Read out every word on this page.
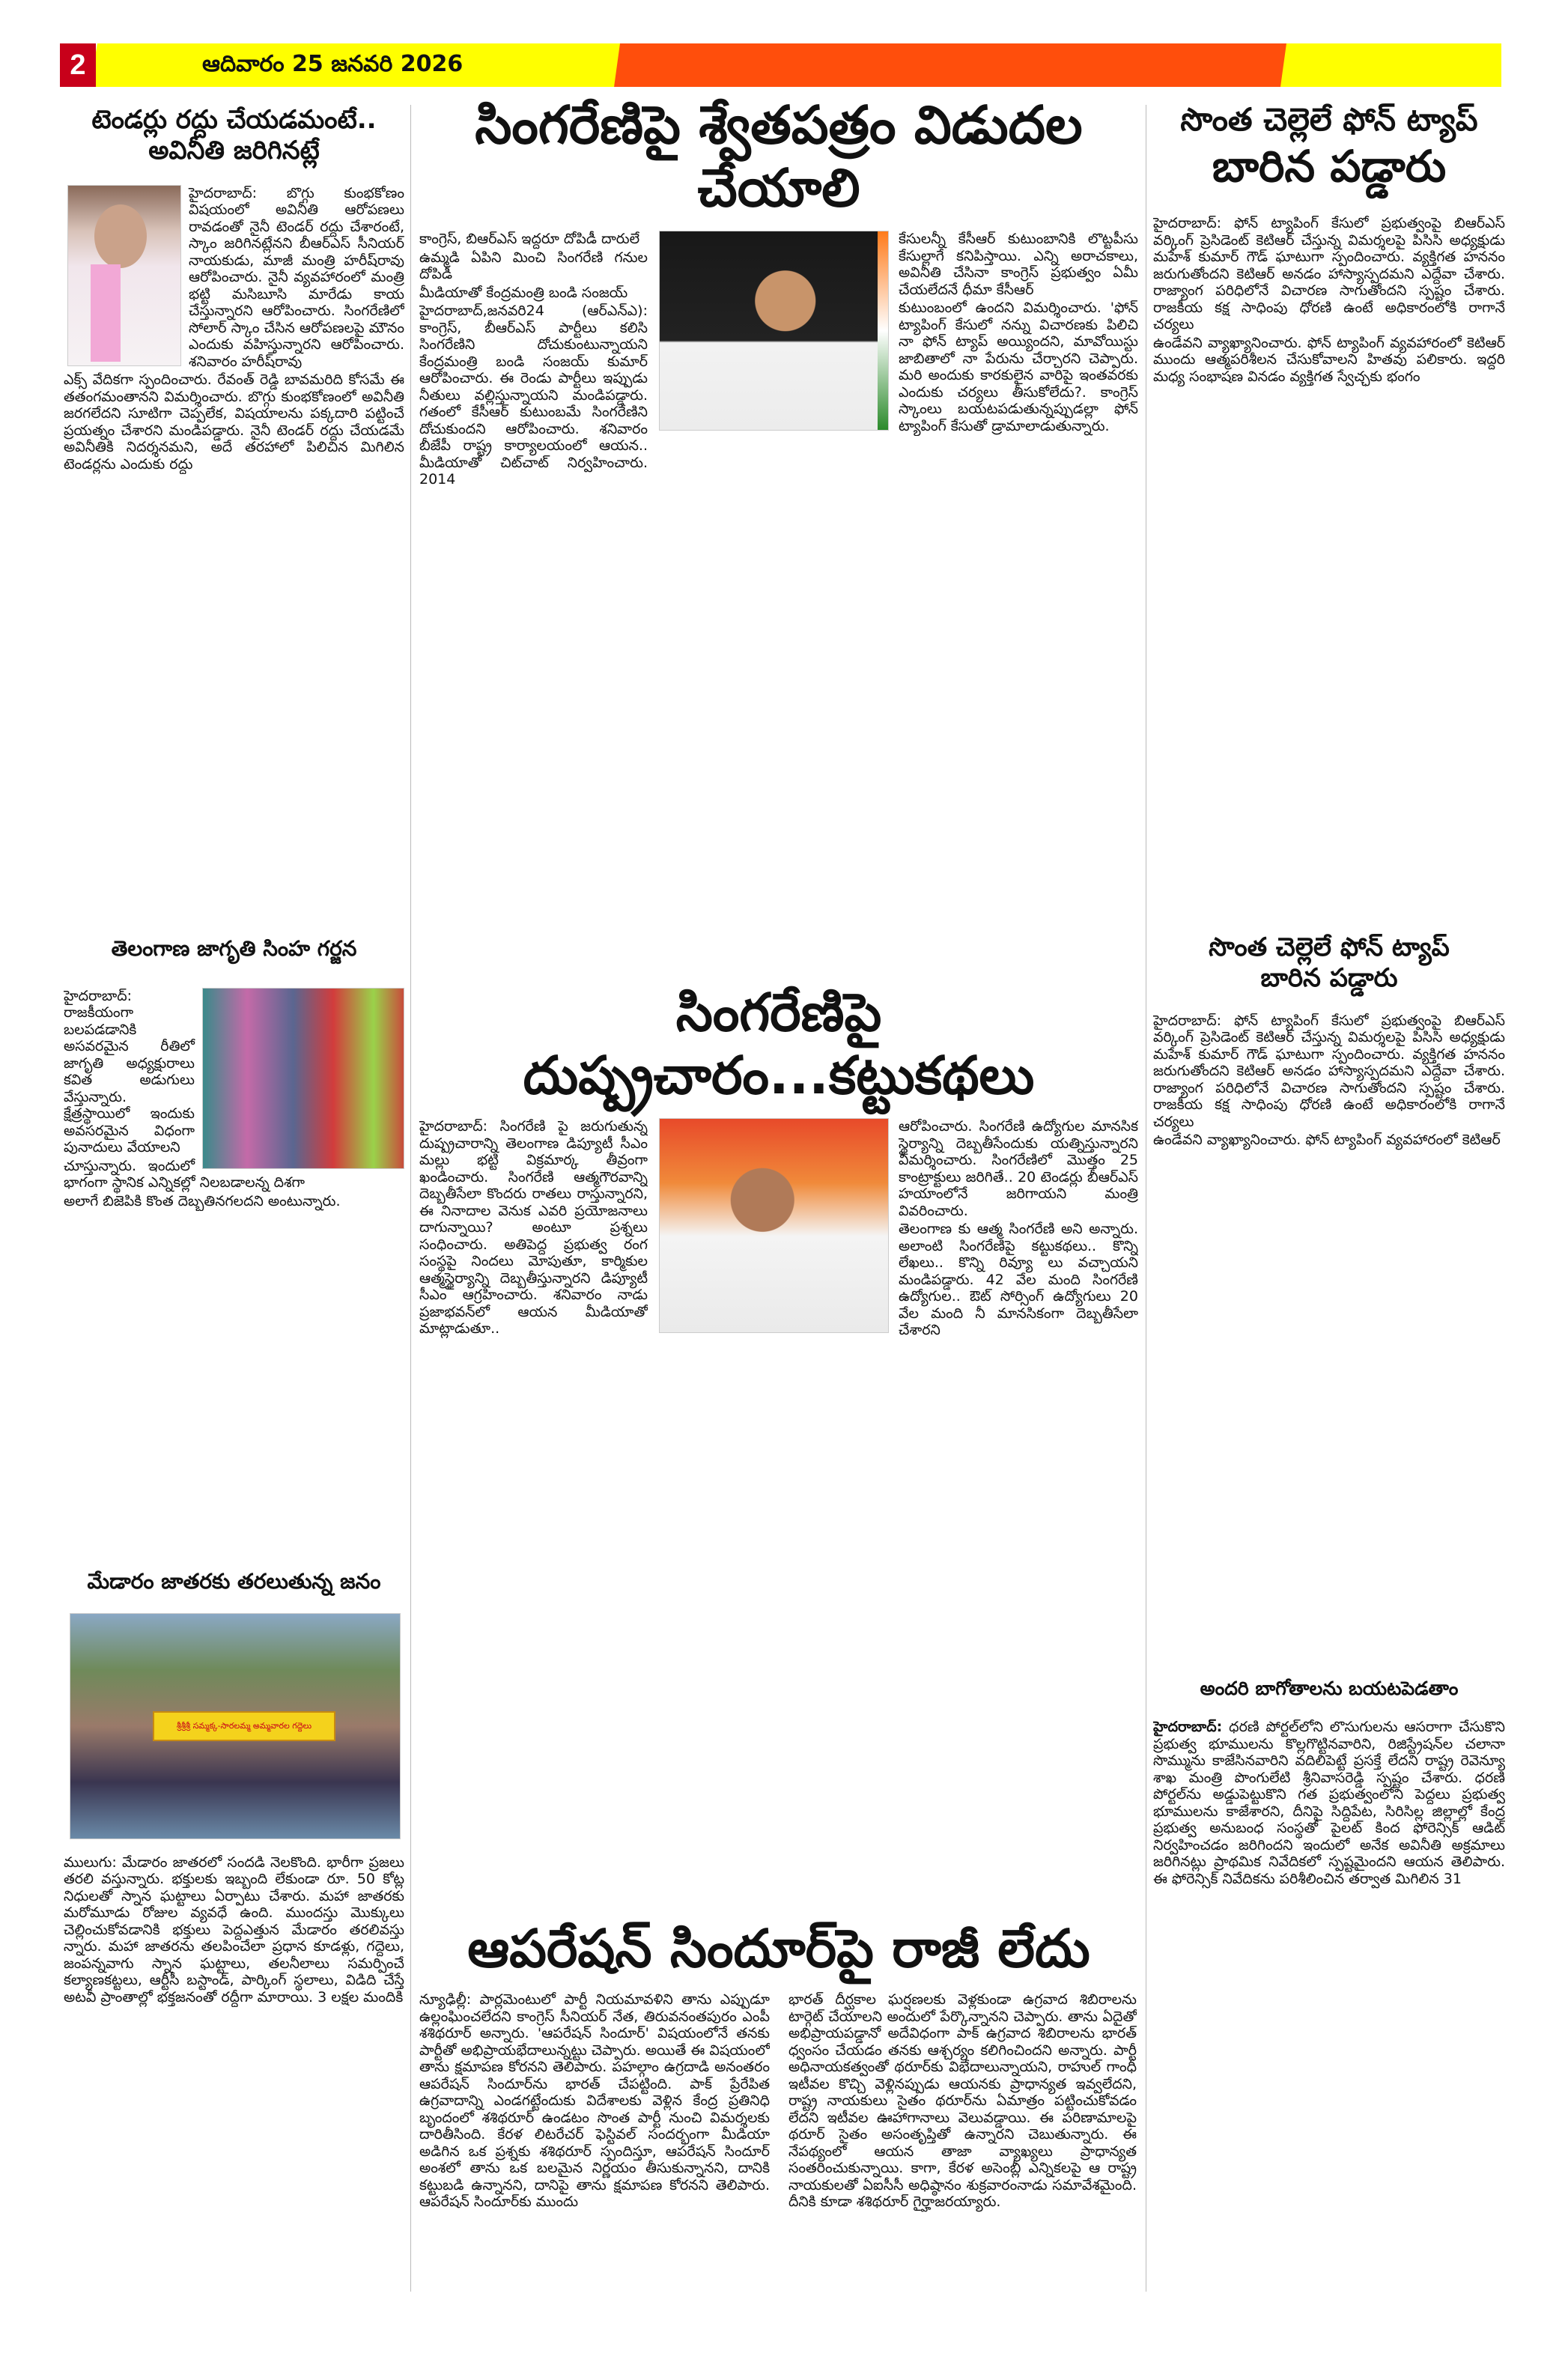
2	ఆదివారం 25 జనవరి 2026
టెండర్లు రద్దు చేయడమంటే..
అవినీతి జరిగినట్లే

హైదరాబాద్: బొగ్గు కుంభకోణం విషయంలో అవినీతి ఆరోపణలు రావడంతో నైనీ టెండర్ రద్దు చేశారంటే, స్కాం జరిగినట్లేనని బీఆర్ఎస్ సీనియర్ నాయకుడు, మాజీ మంత్రి హరీష్‌రావు ఆరోపించారు. నైనీ వ్యవహారంలో మంత్రి భట్టి మసిబూసి మారేడు కాయ చేస్తున్నారని ఆరోపించారు. సింగరేణిలో సోలార్ స్కాం చేసిన ఆరోపణలపై మౌనం ఎందుకు వహిస్తున్నారని ఆరోపించారు. శనివారం హరీష్‌రావు

ఎక్స్ వేదికగా స్పందించారు. రేవంత్ రెడ్డి బావమరిది కోసమే ఈ తతంగమంతానని విమర్శించారు. బొగ్గు కుంభకోణంలో అవినీతి జరగలేదని సూటిగా చెప్పలేక, విషయాలను పక్కదారి పట్టించే ప్రయత్నం చేశారని మండిపడ్డారు. నైనీ టెండర్ రద్దు చేయడమే అవినీతికి నిదర్శనమని, అదే తరహాలో పిలిచిన మిగిలిన టెండర్లను ఎందుకు రద్దు

తెలంగాణ జాగృతి సింహ గర్జన

హైదరాబాద్: రాజకీయంగా బలపడడానికి అసవరమైన రీతిలో జాగృతి అధ్యక్షురాలు కవిత అడుగులు వేస్తున్నారు. క్షేత్రస్థాయిలో ఇందుకు అవసరమైన విధంగా పునాదులు వేయాలని

చూస్తున్నారు. ఇందులో భాగంగా స్థానిక ఎన్నికల్లో నిలబడాలన్న దిశగా

అలాగే బిజెపికి కొంత దెబ్బతినగలదని అంటున్నారు.

మేడారం జాతరకు తరలుతున్న జనం
శ్రీశ్రీశ్రీ సమ్మక్క-సారలమ్మ అమ్మవారల గద్దెలు

ములుగు: మేడారం జాతరలో సందడి నెలకొంది. భారీగా ప్రజలు తరలి వస్తున్నారు. భక్తులకు ఇబ్బంది లేకుండా రూ. 50 కోట్ల నిధులతో స్నాన ఘట్టాలు ఏర్పాటు చేశారు. మహా జాతరకు మరోమూడు రోజుల వ్యవధే ఉంది. ముందస్తు మొక్కులు చెల్లించుకోవడానికి భక్తులు పెద్దఎత్తున మేడారం తరలివస్తు న్నారు. మహా జాతరను తలపించేలా ప్రధాన కూడళ్లు, గద్దెలు, జంపన్నవాగు స్నాన ఘట్టాలు, తలనీలాలు సమర్పించే కల్యాణకట్టలు, ఆర్టీసీ బస్టాండ్, పార్కింగ్ స్థలాలు, విడిది చేస్తే అటవీ ప్రాంతాల్లో భక్తజనంతో రద్దీగా మారాయి. 3 లక్షల మందికి

సింగరేణిపై శ్వేతపత్రం విడుదల చేయాలి

కాంగ్రెస్, బిఆర్ఎస్ ఇద్దరూ దోపిడీ దారులే

ఉమ్మడి ఏపిని మించి సింగరేణి గనుల దోపిడీ

మీడియాతో కేంద్రమంత్రి బండి సంజయ్

హైదరాబాద్,జనవరి24 (ఆర్ఎన్ఎ): కాంగ్రెస్, బీఆర్ఎస్ పార్టీలు కలిసి సింగరేణిని దోచుకుంటున్నాయని కేంద్రమంత్రి బండి సంజయ్ కుమార్ ఆరోపించారు. ఈ రెండు పార్టీలు ఇప్పుడు నీతులు వల్లిస్తున్నాయని మండిపడ్డారు. గతంలో కేసీఆర్ కుటుంబమే సింగరేణిని దోచుకుందని ఆరోపించారు. శనివారం బీజేపీ రాష్ట్ర కార్యాలయంలో ఆయన.. మీడియాతో చిట్‌చాట్ నిర్వహించారు. 2014

కేసులన్నీ కేసీఆర్ కుటుంబానికి లొట్టపీసు కేసుల్లాగే కనిపిస్తాయి. ఎన్ని అరాచకాలు, అవినీతి చేసినా కాంగ్రెస్ ప్రభుత్వం ఏమీ చేయలేదనే ధీమా కేసీఆర్

కుటుంబంలో ఉందని విమర్శించారు. 'ఫోన్ ట్యాపింగ్ కేసులో నన్ను విచారణకు పిలిచి నా ఫోన్ ట్యాప్ అయ్యిందని, మావోయిస్టు జాబితాలో నా పేరును చేర్చారని చెప్పారు. మరి అందుకు కారకులైన వారిపై ఇంతవరకు ఎందుకు చర్యలు తీసుకోలేదు?. కాంగ్రెస్ స్కాంలు బయటపడుతున్నప్పుడల్లా ఫోన్ ట్యాపింగ్ కేసుతో డ్రామాలాడుతున్నారు.

సింగరేణిపై దుష్ప్రచారం...కట్టుకథలు

హైదరాబాద్: సింగరేణి పై జరుగుతున్న దుష్ప్రచారాన్ని తెలంగాణ డిప్యూటీ సీఎం మల్లు భట్టి విక్రమార్క తీవ్రంగా ఖండించారు. సింగరేణి ఆత్మగౌరవాన్ని దెబ్బతీసేలా కొందరు రాతలు రాస్తున్నారని, ఈ నినాదాల వెనుక ఎవరి ప్రయోజనాలు దాగున్నాయి? అంటూ ప్రశ్నలు సంధించారు. అతిపెద్ద ప్రభుత్వ రంగ సంస్థపై నిందలు మోపుతూ, కార్మికుల ఆత్మస్థైర్యాన్ని దెబ్బతీస్తున్నారని డిప్యూటీ సీఎం ఆగ్రహించారు. శనివారం నాడు ప్రజాభవన్‌లో ఆయన మీడియాతో మాట్లాడుతూ..

ఆరోపించారు. సింగరేణి ఉద్యోగుల మానసిక స్థైర్యాన్ని దెబ్బతీసేందుకు యత్నిస్తున్నారని విమర్శించారు. సింగరేణిలో మొత్తం 25 కాంట్రాక్టులు జరిగితే.. 20 టెండర్లు బీఆర్ఎస్ హయాంలోనే జరిగాయని మంత్రి వివరించారు.

తెలంగాణ కు ఆత్మ సింగరేణి అని అన్నారు. అలాంటి సింగరేణిపై కట్టుకథలు.. కొన్ని లేఖలు.. కొన్ని రివ్యూ లు వచ్చాయని మండిపడ్డారు. 42 వేల మంది సింగరేణి ఉద్యోగుల.. ఔట్ సోర్సింగ్ ఉద్యోగులు 20 వేల మంది నీ మానసికంగా దెబ్బతీసేలా చేశారని

ఆపరేషన్ సిందూర్‌పై రాజీ లేదు

న్యూఢిల్లీ: పార్లమెంటులో పార్టీ నియమావళిని తాను ఎప్పుడూ ఉల్లంఘించలేదని కాంగ్రెస్ సీనియర్ నేత, తిరువనంతపురం ఎంపీ శశిథరూర్ అన్నారు. 'ఆపరేషన్ సిందూర్' విషయంలోనే తనకు పార్టీతో అభిప్రాయభేదాలున్నట్టు చెప్పారు. అయితే ఈ విషయంలో తాను క్షమాపణ కోరనని తెలిపారు. పహల్గాం ఉగ్రదాడి అనంతరం ఆపరేషన్ సిందూర్‌ను భారత్ చేపట్టింది. పాక్ ప్రేరేపిత ఉగ్రవాదాన్ని ఎండగట్టేందుకు విదేశాలకు వెళ్లిన కేంద్ర ప్రతినిధి బృందంలో శశిథరూర్ ఉండటం సొంత పార్టీ నుంచి విమర్శలకు దారితీసింది. కేరళ లిటరేచర్ ఫెస్టివల్ సందర్భంగా మీడియా అడిగిన ఒక ప్రశ్నకు శశిథరూర్ స్పందిస్తూ, ఆపరేషన్ సిందూర్ అంశలో తాను ఒక బలమైన నిర్ణయం తీసుకున్నానని, దానికి కట్టుబడి ఉన్నానని, దానిపై తాను క్షమాపణ కోరనని తెలిపారు. ఆపరేషన్ సిందూర్‌కు ముందు

భారత్ దీర్ఘకాల ఘర్షణలకు వెళ్లకుండా ఉగ్రవాద శిబిరాలను టార్గెట్ చేయాలని అందులో పేర్కొన్నానని చెప్పారు. తాను ఏదైతో అభిప్రాయపడ్డానో అదేవిధంగా పాక్ ఉగ్రవాద శిబిరాలను భారత్ ధ్వంసం చేయడం తనకు ఆశ్చర్యం కలిగించిందని అన్నారు. పార్టీ అధినాయకత్వంతో థరూర్‌కు విభేదాలున్నాయని, రాహుల్ గాంధీ ఇటీవల కొచ్చి వెళ్లినప్పుడు ఆయనకు ప్రాధాన్యత ఇవ్వలేదని, రాష్ట్ర నాయకులు సైతం థరూర్‌ను ఏమాత్రం పట్టించుకోవడం లేదని ఇటీవల ఊహాగానాలు వెలువడ్డాయి. ఈ పరిణామాలపై థరూర్ సైతం అసంతృప్తితో ఉన్నారని చెబుతున్నారు. ఈ నేపథ్యంలో ఆయన తాజా వ్యాఖ్యలు ప్రాధాన్యత సంతరించుకున్నాయి. కాగా, కేరళ అసెంబ్లీ ఎన్నికలపై ఆ రాష్ట్ర నాయకులతో ఏఐసీసీ అధిష్ఠానం శుక్రవారంనాడు సమావేశమైంది. దీనికి కూడా శశిథరూర్ గైర్హాజరయ్యారు.

సొంత చెల్లెలే ఫోన్ ట్యాప్
బారిన పడ్డారు

హైదరాబాద్: ఫోన్ ట్యాపింగ్ కేసులో ప్రభుత్వంపై బిఆర్ఎస్ వర్కింగ్ ప్రెసిడెంట్ కెటిఆర్ చేస్తున్న విమర్శలపై పిసిసి అధ్యక్షుడు మహేశ్ కుమార్ గౌడ్ ఘాటుగా స్పందించారు. వ్యక్తిగత హననం జరుగుతోందని కెటిఆర్ అనడం హాస్యాస్పదమని ఎద్దేవా చేశారు. రాజ్యాంగ పరిధిలోనే విచారణ సాగుతోందని స్పష్టం చేశారు. రాజకీయ కక్ష సాధింపు ధోరణి ఉంటే అధికారంలోకి రాగానే చర్యలు

ఉండేవని వ్యాఖ్యానించారు. ఫోన్ ట్యాపింగ్ వ్యవహారంలో కెటిఆర్ ముందు ఆత్మపరిశీలన చేసుకోవాలని హితవు పలికారు. ఇద్దరి మధ్య సంభాషణ వినడం వ్యక్తిగత స్వేచ్ఛకు భంగం

సొంత చెల్లెలే ఫోన్ ట్యాప్
బారిన పడ్డారు

హైదరాబాద్: ఫోన్ ట్యాపింగ్ కేసులో ప్రభుత్వంపై బిఆర్ఎస్ వర్కింగ్ ప్రెసిడెంట్ కెటిఆర్ చేస్తున్న విమర్శలపై పిసిసి అధ్యక్షుడు మహేశ్ కుమార్ గౌడ్ ఘాటుగా స్పందించారు. వ్యక్తిగత హననం జరుగుతోందని కెటిఆర్ అనడం హాస్యాస్పదమని ఎద్దేవా చేశారు. రాజ్యాంగ పరిధిలోనే విచారణ సాగుతోందని స్పష్టం చేశారు. రాజకీయ కక్ష సాధింపు ధోరణి ఉంటే అధికారంలోకి రాగానే చర్యలు

ఉండేవని వ్యాఖ్యానించారు. ఫోన్ ట్యాపింగ్ వ్యవహారంలో కెటిఆర్

అందరి బాగోతాలను బయటపెడతాం

హైదరాబాద్: ధరణి పోర్టల్‌లోని లొసుగులను ఆసరాగా చేసుకొని ప్రభుత్వ భూములను కొల్లగొట్టినవారిని, రిజిస్ట్రేషన్‌ల చలానా సొమ్మును కాజేసినవారిని వదిలిపెట్టే ప్రసక్తే లేదని రాష్ట్ర రెవెన్యూ శాఖ మంత్రి పొంగులేటి శ్రీనివాసరెడ్డి స్పష్టం చేశారు. ధరణి పోర్టల్‌ను అడ్డుపెట్టుకొని గత ప్రభుత్వంలోని పెద్దలు ప్రభుత్వ భూములను కాజేశారని, దీనిపై సిద్దిపేట, సిరిసిల్ల జిల్లాల్లో కేంద్ర ప్రభుత్వ అనుబంధ సంస్థతో పైలట్ కింద ఫోరెన్సిక్ ఆడిట్ నిర్వహించడం జరిగిందని ఇందులో అనేక అవినీతి అక్రమాలు జరిగినట్లు ప్రాథమిక నివేదికలో స్పష్టమైందని ఆయన తెలిపారు. ఈ ఫోరెన్సిక్ నివేదికను పరిశీలించిన తర్వాత మిగిలిన 31
